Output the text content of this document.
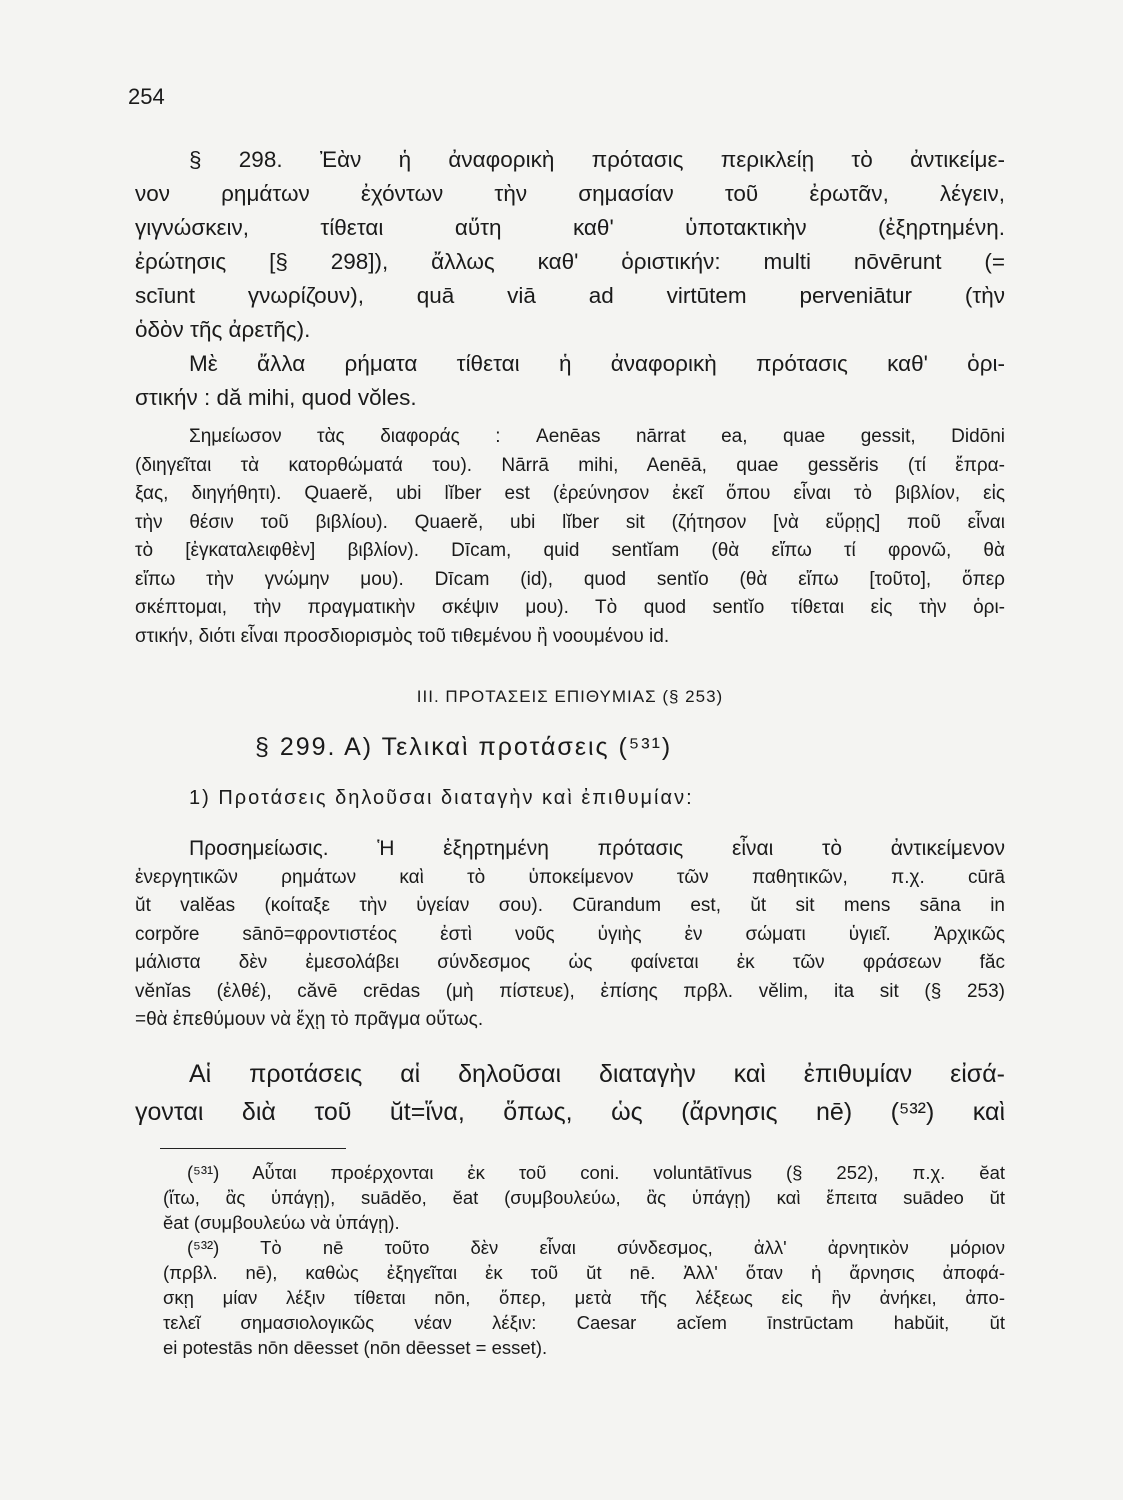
254
§ 298. Ἐὰν ἡ ἀναφορικὴ πρότασις περικλείῃ τὸ ἀντικείμε-
νον ρημάτων ἐχόντων τὴν σημασίαν τοῦ ἐρωτᾶν, λέγειν,
γιγνώσκειν, τίθεται αὕτη καθ' ὑποτακτικὴν (ἐξηρτημένη.
ἐρώτησις [§ 298]), ἄλλως καθ' ὁριστικήν: multi nōvērunt (=
scīunt γνωρίζουν), quā viā ad virtūtem perveniātur (τὴν
ὁδὸν τῆς ἀρετῆς).
Μὲ ἄλλα ρήματα τίθεται ἡ ἀναφορικὴ πρότασις καθ' ὁρι-
στικήν : dă mihi, quod vŏles.
Σημείωσον τὰς διαφοράς : Aenēas nārrat ea, quae gessit, Didōni
(διηγεῖται τὰ κατορθώματά του). Nārrā mihi, Aenēā, quae gessĕris (τί ἔπρα-
ξας, διηγήθητι). Quaerĕ, ubi lĭber est (ἐρεύνησον ἐκεῖ ὅπου εἶναι τὸ βιβλίον, εἰς
τὴν θέσιν τοῦ βιβλίου). Quaerĕ, ubi lĭber sit (ζήτησον [νὰ εὕρῃς] ποῦ εἶναι
τὸ [ἐγκαταλειφθὲν] βιβλίον). Dīcam, quid sentĭam (θὰ εἴπω τί φρονῶ, θὰ
εἴπω τὴν γνώμην μου). Dīcam (id), quod sentĭo (θὰ εἴπω [τοῦτο], ὅπερ
σκέπτομαι, τὴν πραγματικὴν σκέψιν μου). Τὸ quod sentĭo τίθεται εἰς τὴν ὁρι-
στικήν, διότι εἶναι προσδιορισμὸς τοῦ τιθεμένου ἢ νοουμένου id.
III. ΠΡΟΤΑΣΕΙΣ ΕΠΙΘΥΜΙΑΣ (§ 253)
§ 299. Α) Τελικαὶ προτάσεις (⁵³¹)
1) Προτάσεις δηλοῦσαι διαταγὴν καὶ ἐπιθυμίαν:
Προσημείωσις. Ἡ ἐξηρτημένη πρότασις εἶναι τὸ ἀντικείμενον
ἐνεργητικῶν ρημάτων καὶ τὸ ὑποκείμενον τῶν παθητικῶν, π.χ. cūrā
ŭt valĕas (κοίταξε τὴν ὑγείαν σου). Cūrandum est, ŭt sit mens sāna in
corpŏre sānō=φροντιστέος ἐστὶ νοῦς ὑγιὴς ἐν σώματι ὑγιεῖ. Ἀρχικῶς
μάλιστα δὲν ἐμεσολάβει σύνδεσμος ὡς φαίνεται ἐκ τῶν φράσεων făc
vĕnĭas (ἐλθέ), căvē crēdas (μὴ πίστευε), ἐπίσης πρβλ. vĕlim, ita sit (§ 253)
=θὰ ἐπεθύμουν νὰ ἔχῃ τὸ πρᾶγμα οὕτως.
Αἱ προτάσεις αἱ δηλοῦσαι διαταγὴν καὶ ἐπιθυμίαν εἰσά-
γονται διὰ τοῦ ŭt=ἵνα, ὅπως, ὡς (ἄρνησις nē) (⁵³²) καὶ
(⁵³¹) Αὗται προέρχονται ἐκ τοῦ coni. voluntātīvus (§ 252), π.χ. ĕat
(ἴτω, ἂς ὑπάγῃ), suādĕo, ĕat (συμβουλεύω, ἂς ὑπάγῃ) καὶ ἔπειτα suādeo ŭt
ĕat (συμβουλεύω νὰ ὑπάγῃ).
(⁵³²) Τὸ nē τοῦτο δὲν εἶναι σύνδεσμος, ἀλλ' ἀρνητικὸν μόριον
(πρβλ. nē), καθὼς ἐξηγεῖται ἐκ τοῦ ŭt nē. Ἀλλ' ὅταν ἡ ἄρνησις ἀποφά-
σκῃ μίαν λέξιν τίθεται nōn, ὅπερ, μετὰ τῆς λέξεως εἰς ἣν ἀνήκει, ἀπο-
τελεῖ σημασιολογικῶς νέαν λέξιν: Caesar acĭem īnstrūctam habŭit, ŭt
ei potestās nōn dēesset (nōn dēesset = esset).
